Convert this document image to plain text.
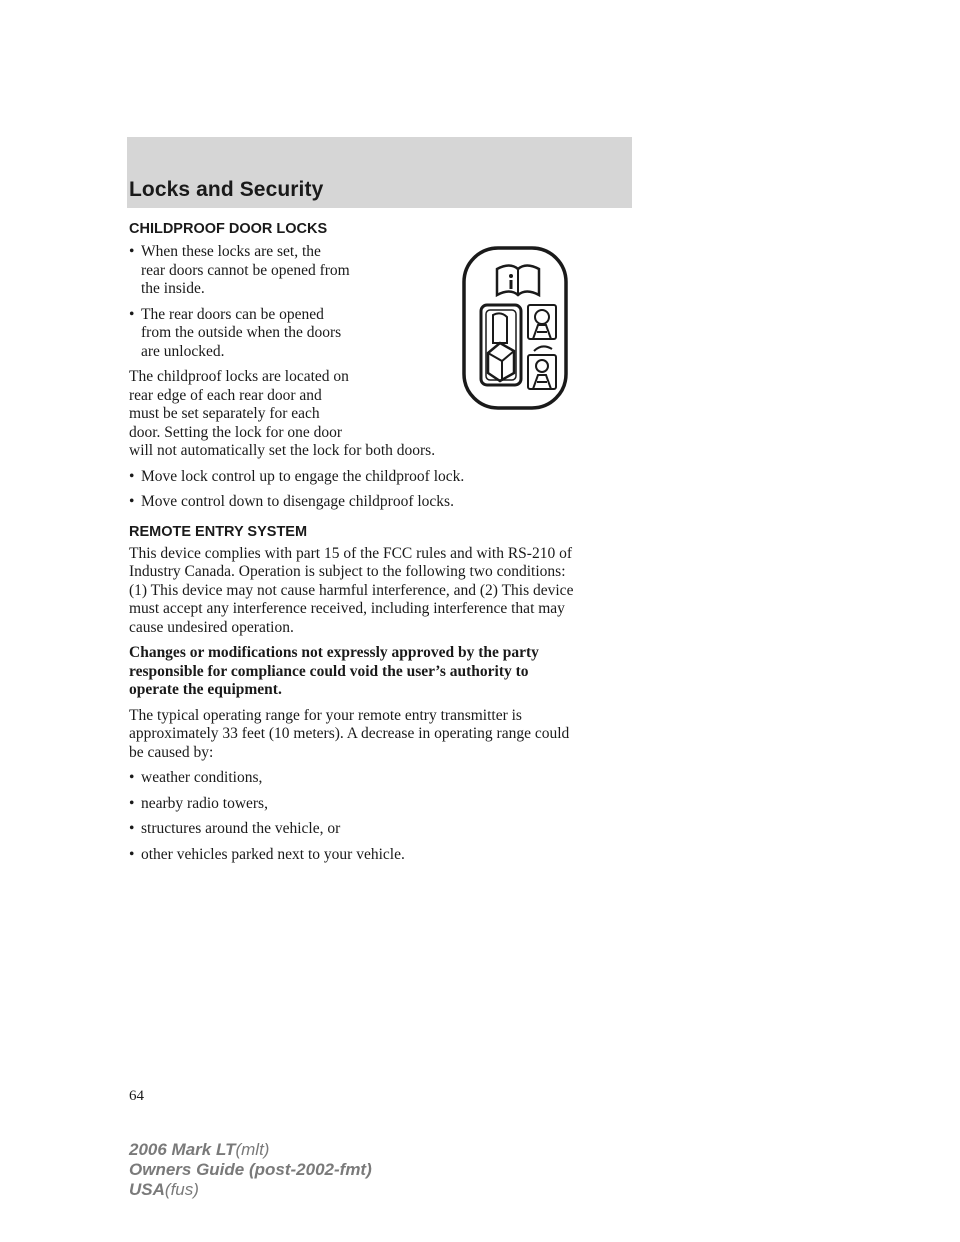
Locks and Security
CHILDPROOF DOOR LOCKS
• When these locks are set, the
rear doors cannot be opened from
the inside.
• The rear doors can be opened
from the outside when the doors
are unlocked.

The childproof locks are located on
rear edge of each rear door and
must be set separately for each
door. Setting the lock for one door
will not automatically set the lock for both doors.

• Move lock control up to engage the childproof lock.
• Move control down to disengage childproof locks.
REMOTE ENTRY SYSTEM

This device complies with part 15 of the FCC rules and with RS-210 of
Industry Canada. Operation is subject to the following two conditions:
(1) This device may not cause harmful interference, and (2) This device
must accept any interference received, including interference that may
cause undesired operation.

Changes or modifications not expressly approved by the party
responsible for compliance could void the user’s authority to
operate the equipment.

The typical operating range for your remote entry transmitter is
approximately 33 feet (10 meters). A decrease in operating range could
be caused by:

• weather conditions,
• nearby radio towers,
• structures around the vehicle, or
• other vehicles parked next to your vehicle.
64
2006 Mark LT(mlt)
Owners Guide (post-2002-fmt)
USA(fus)
